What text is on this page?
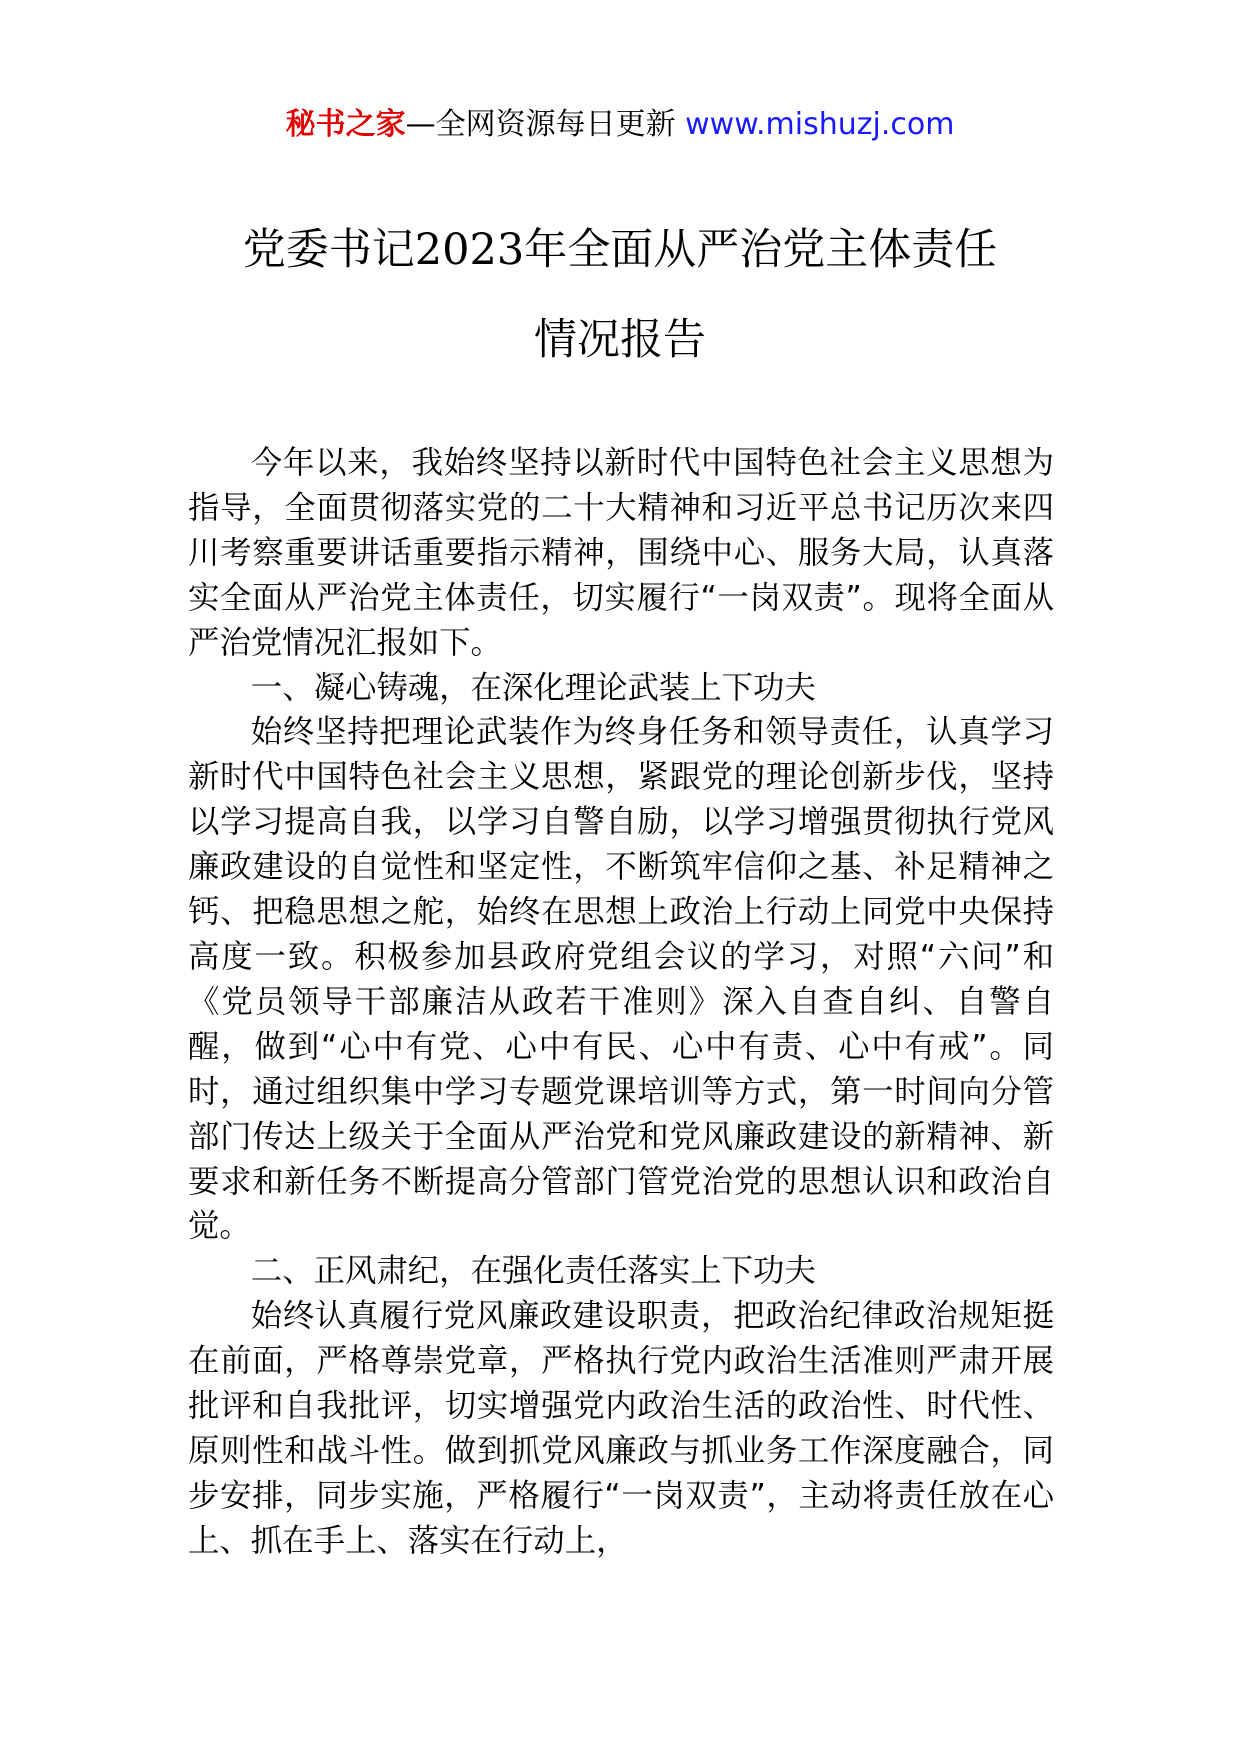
秘书之家—全网资源每日更新 www.mishuzj.com
党委书记2023年全面从严治党主体责任
情况报告

今年以来，我始终坚持以新时代中国特色社会主义思想为指导，全面贯彻落实党的二十大精神和习近平总书记历次来四川考察重要讲话重要指示精神，围绕中心、服务大局，认真落实全面从严治党主体责任，切实履行“一岗双责”。现将全面从严治党情况汇报如下。

一、凝心铸魂，在深化理论武装上下功夫

始终坚持把理论武装作为终身任务和领导责任，认真学习新时代中国特色社会主义思想，紧跟党的理论创新步伐，坚持以学习提高自我，以学习自警自励，以学习增强贯彻执行党风廉政建设的自觉性和坚定性，不断筑牢信仰之基、补足精神之钙、把稳思想之舵，始终在思想上政治上行动上同党中央保持高度一致。积极参加县政府党组会议的学习，对照“六问”和《党员领导干部廉洁从政若干准则》深入自查自纠、自警自醒，做到“心中有党、心中有民、心中有责、心中有戒”。同时，通过组织集中学习专题党课培训等方式，第一时间向分管部门传达上级关于全面从严治党和党风廉政建设的新精神、新要求和新任务不断提高分管部门管党治党的思想认识和政治自觉。

二、正风肃纪，在强化责任落实上下功夫

始终认真履行党风廉政建设职责，把政治纪律政治规矩挺在前面，严格尊崇党章，严格执行党内政治生活准则严肃开展批评和自我批评，切实增强党内政治生活的政治性、时代性、原则性和战斗性。做到抓党风廉政与抓业务工作深度融合，同步安排，同步实施，严格履行“一岗双责”，主动将责任放在心上、抓在手上、落实在行动上，
